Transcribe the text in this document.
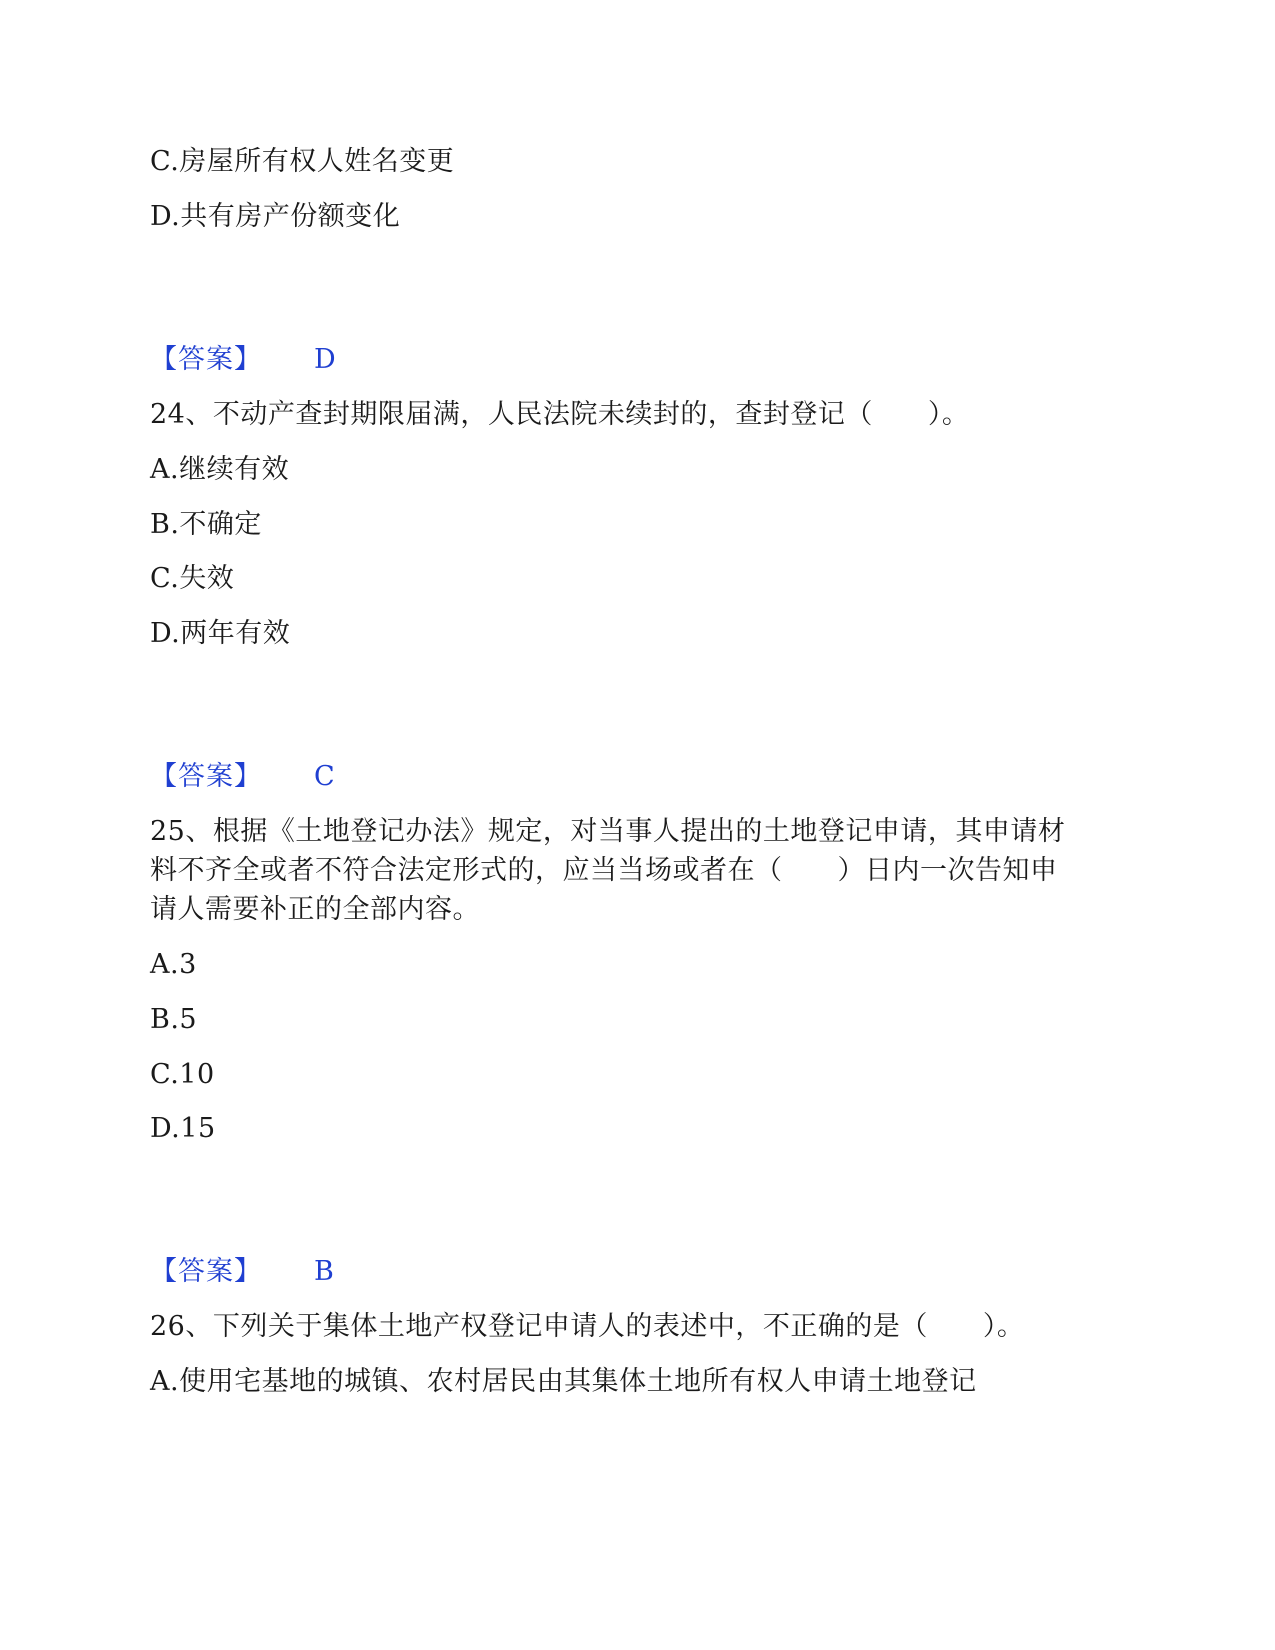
C.房屋所有权人姓名变更
D.共有房产份额变化
【答案】 D
24、不动产查封期限届满，人民法院未续封的，查封登记（　　）。
A.继续有效
B.不确定
C.失效
D.两年有效
【答案】 C
25、根据《土地登记办法》规定，对当事人提出的土地登记申请，其申请材
料不齐全或者不符合法定形式的，应当当场或者在（　　）日内一次告知申
请人需要补正的全部内容。
A.3
B.5
C.10
D.15
【答案】 B
26、下列关于集体土地产权登记申请人的表述中，不正确的是（　　）。
A.使用宅基地的城镇、农村居民由其集体土地所有权人申请土地登记
